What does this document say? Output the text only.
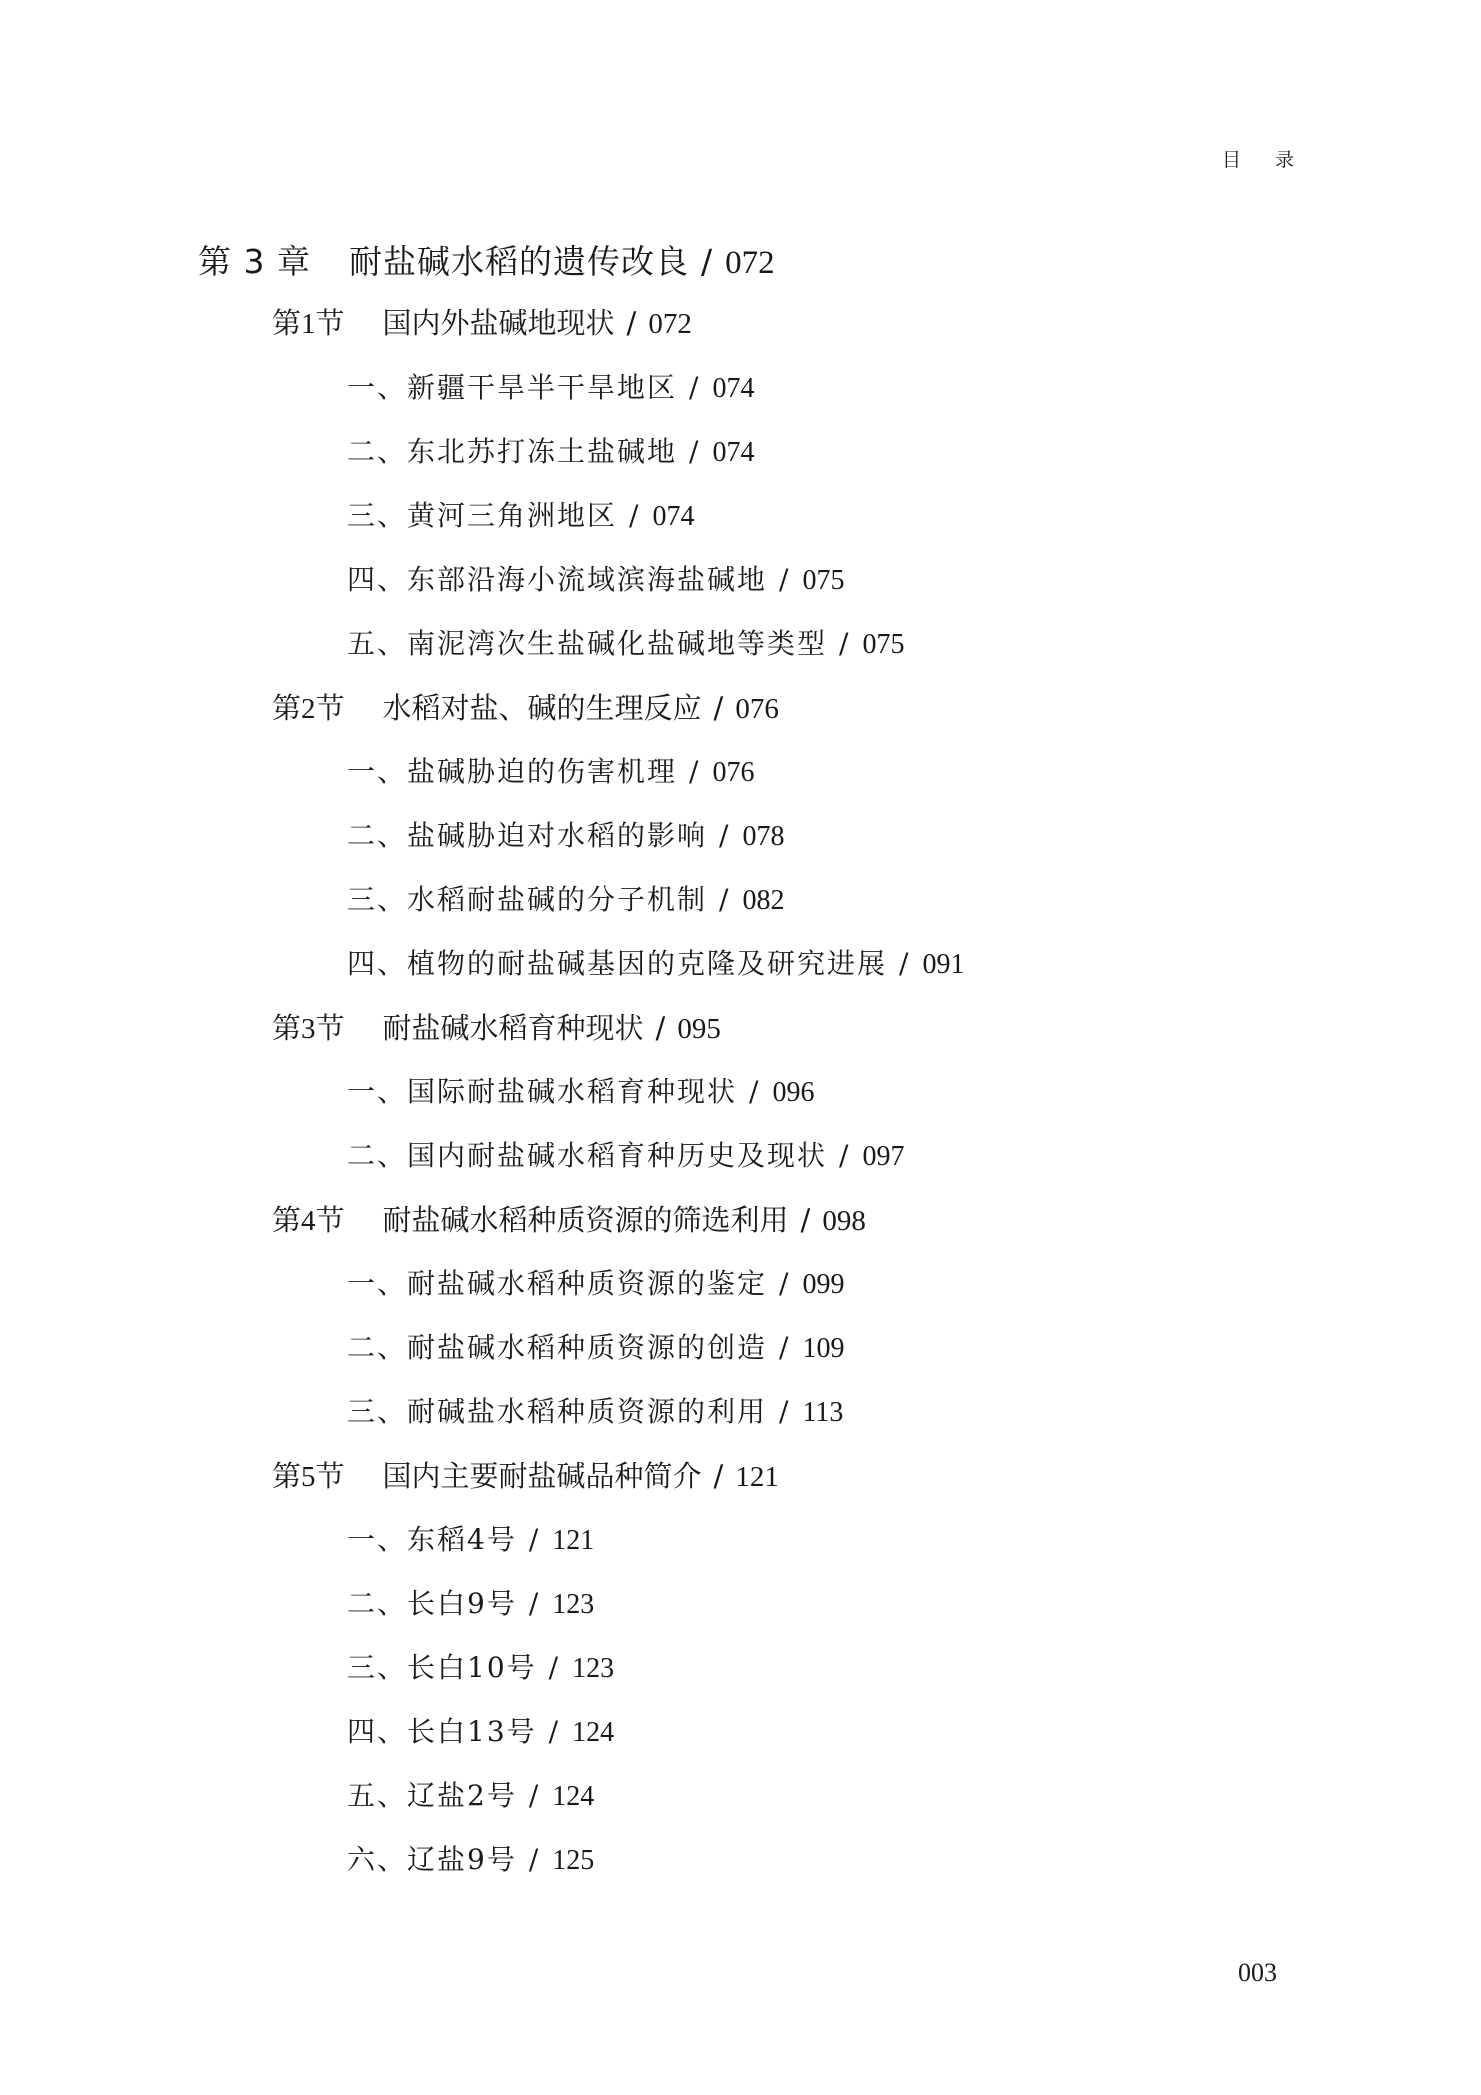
目 录
第 3 章 耐盐碱水稻的遗传改良 / 072
第1节 国内外盐碱地现状 / 072
一、新疆干旱半干旱地区 / 074
二、东北苏打冻土盐碱地 / 074
三、黄河三角洲地区 / 074
四、东部沿海小流域滨海盐碱地 / 075
五、南泥湾次生盐碱化盐碱地等类型 / 075
第2节 水稻对盐、碱的生理反应 / 076
一、盐碱胁迫的伤害机理 / 076
二、盐碱胁迫对水稻的影响 / 078
三、水稻耐盐碱的分子机制 / 082
四、植物的耐盐碱基因的克隆及研究进展 / 091
第3节 耐盐碱水稻育种现状 / 095
一、国际耐盐碱水稻育种现状 / 096
二、国内耐盐碱水稻育种历史及现状 / 097
第4节 耐盐碱水稻种质资源的筛选利用 / 098
一、耐盐碱水稻种质资源的鉴定 / 099
二、耐盐碱水稻种质资源的创造 / 109
三、耐碱盐水稻种质资源的利用 / 113
第5节 国内主要耐盐碱品种简介 / 121
一、东稻4号 / 121
二、长白9号 / 123
三、长白10号 / 123
四、长白13号 / 124
五、辽盐2号 / 124
六、辽盐9号 / 125
003
